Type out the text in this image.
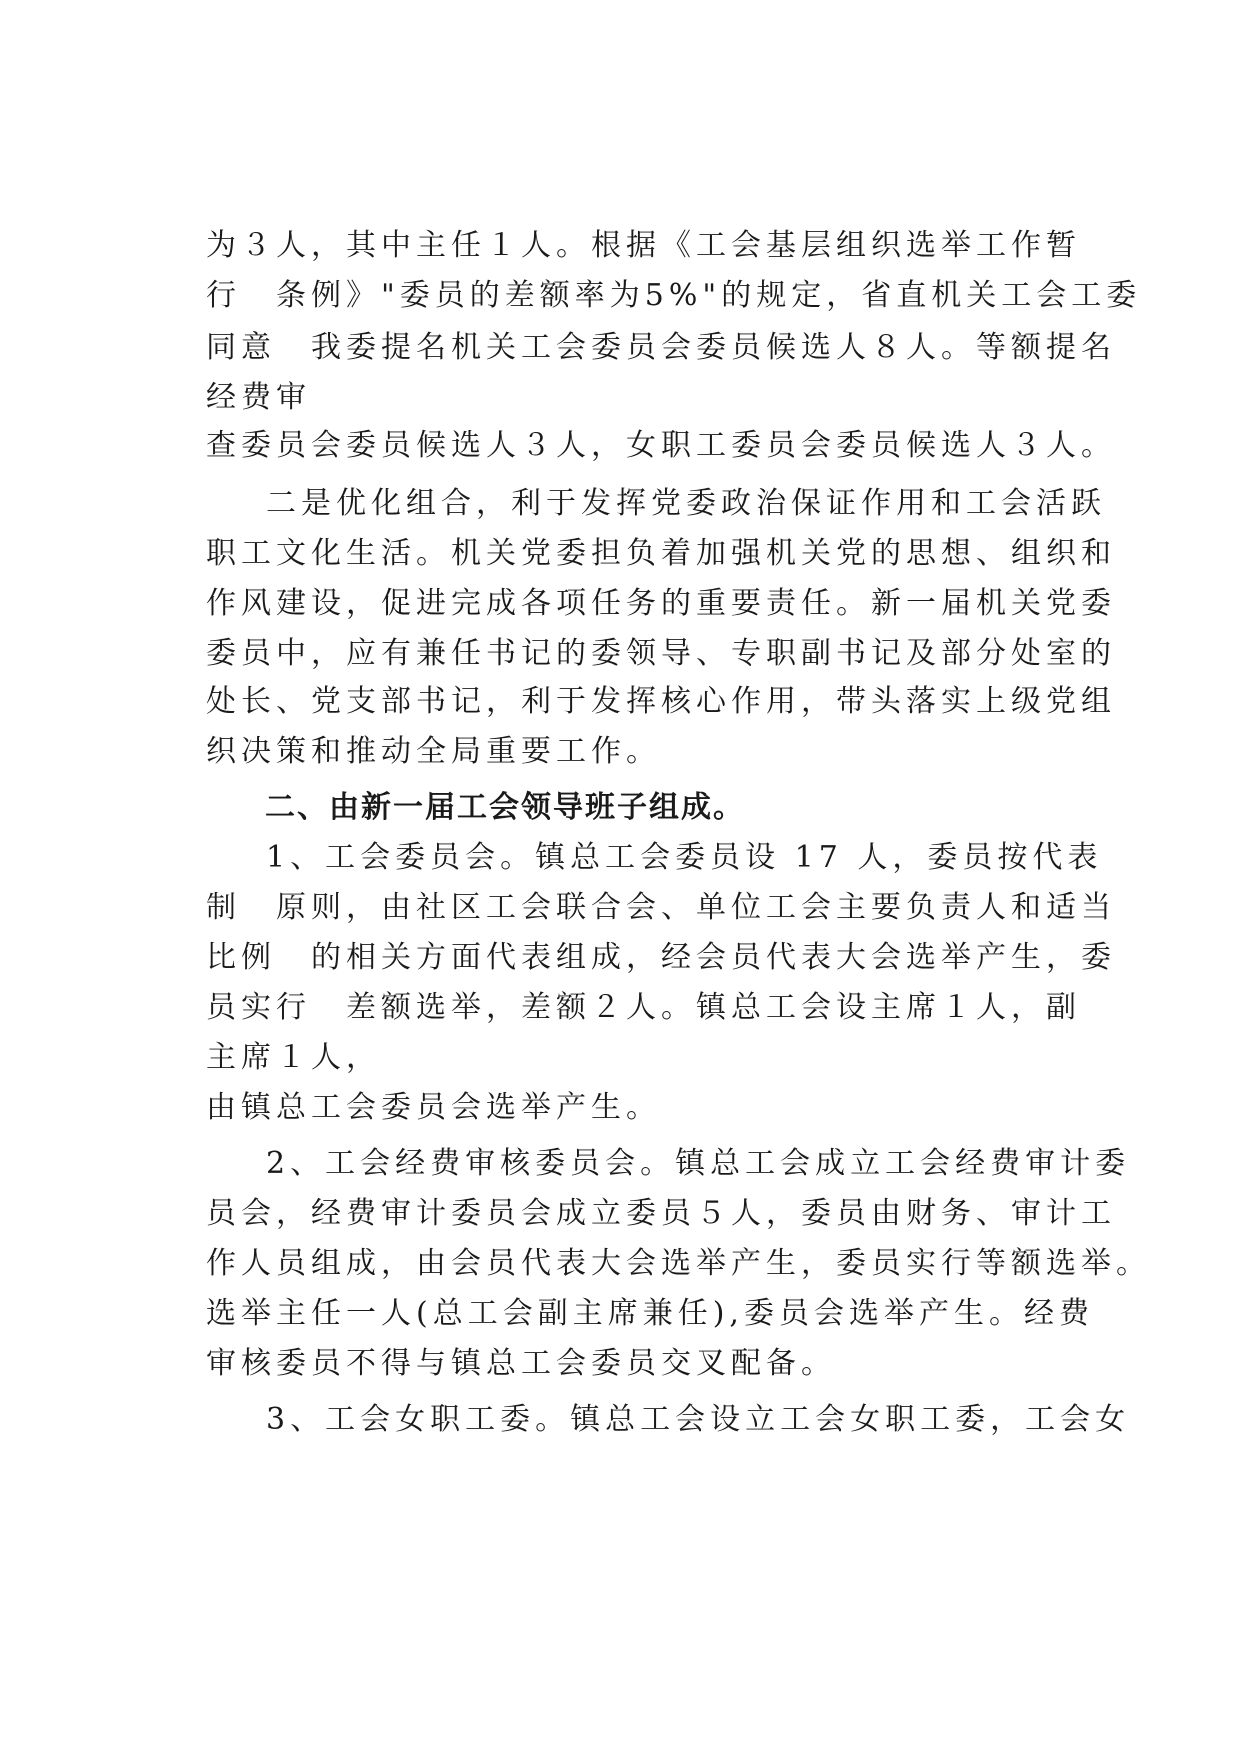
为３人，其中主任１人。根据《工会基层组织选举工作暂
行　条例》"委员的差额率为5%"的规定，省直机关工会工委
同意　我委提名机关工会委员会委员候选人８人。等额提名
经费审
查委员会委员候选人３人，女职工委员会委员候选人３人。
二是优化组合，利于发挥党委政治保证作用和工会活跃
职工文化生活。机关党委担负着加强机关党的思想、组织和
作风建设，促进完成各项任务的重要责任。新一届机关党委
委员中，应有兼任书记的委领导、专职副书记及部分处室的
处长、党支部书记，利于发挥核心作用，带头落实上级党组
织决策和推动全局重要工作。
二、由新一届工会领导班子组成。
1、工会委员会。镇总工会委员设 17 人，委员按代表
制　原则，由社区工会联合会、单位工会主要负责人和适当
比例　的相关方面代表组成，经会员代表大会选举产生，委
员实行　差额选举，差额２人。镇总工会设主席１人，副
主席１人，
由镇总工会委员会选举产生。
2、工会经费审核委员会。镇总工会成立工会经费审计委
员会，经费审计委员会成立委员５人，委员由财务、审计工
作人员组成，由会员代表大会选举产生，委员实行等额选举。
选举主任一人(总工会副主席兼任),委员会选举产生。经费
审核委员不得与镇总工会委员交叉配备。
3、工会女职工委。镇总工会设立工会女职工委，工会女
